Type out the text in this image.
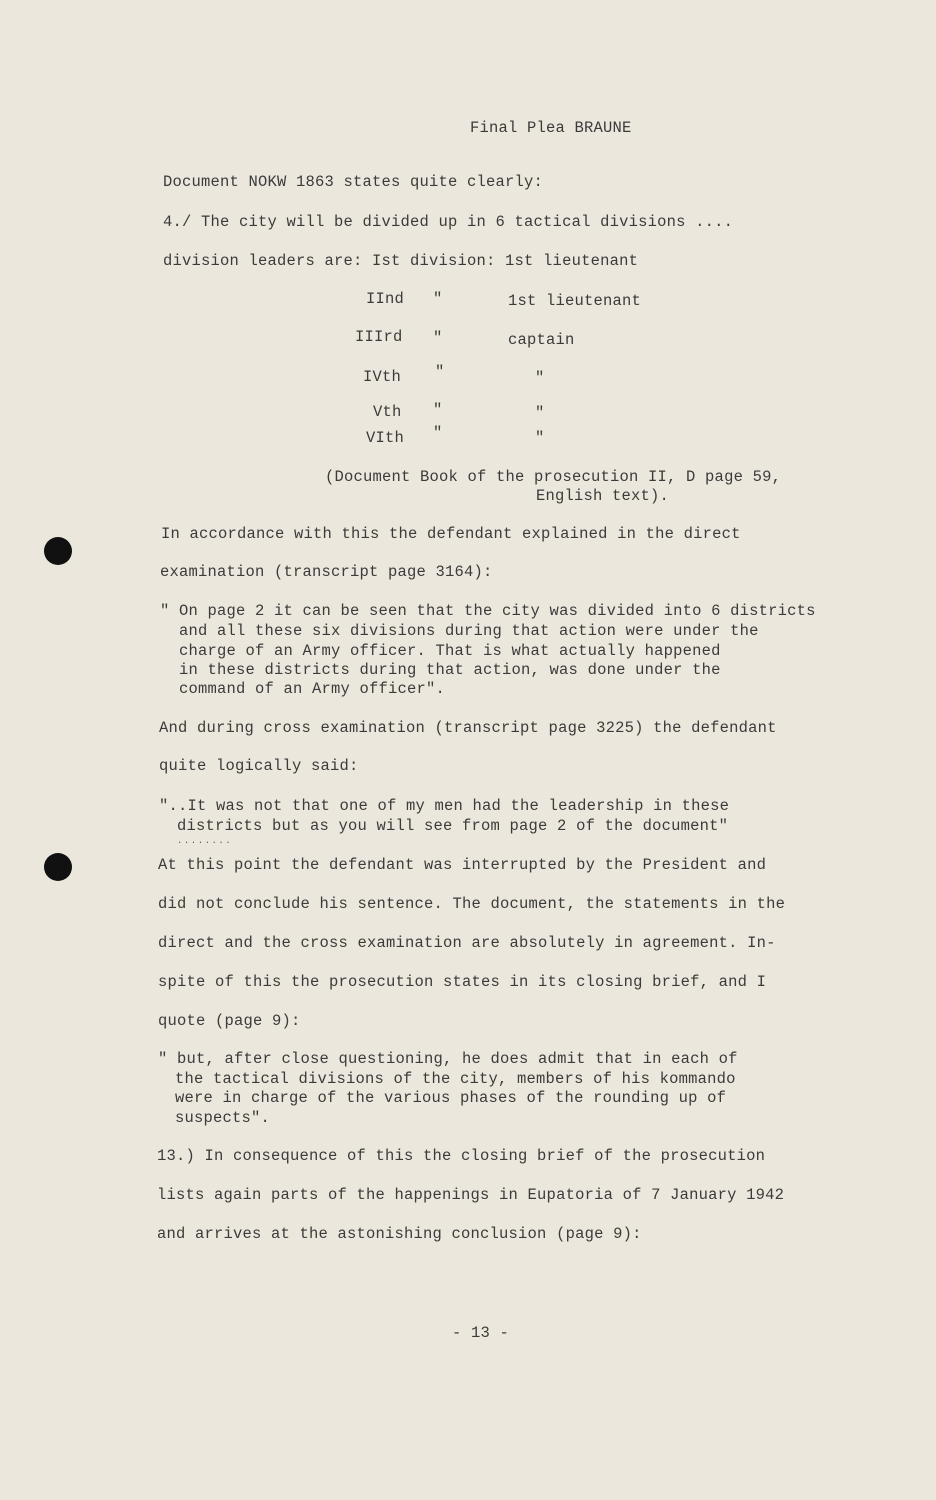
Final Plea BRAUNE

Document NOKW 1863 states quite clearly:

4./ The city will be divided up in 6 tactical divisions ....

division leaders are: Ist division: 1st lieutenant

IInd "	1st lieutenant

IIIrd "	captain

IVth "	"

Vth "	"

VIth "	"

(Document Book of the prosecution II, D page 59,

English text).

In accordance with this the defendant explained in the direct

examination (transcript page 3164):

" On page 2 it can be seen that the city was divided into 6 districts

and all these six divisions during that action were under the

charge of an Army officer. That is what actually happened

in these districts during that action, was done under the

command of an Army officer".

And during cross examination (transcript page 3225) the defendant

quite logically said:

"..It was not that one of my men had the leadership in these

districts but as you will see from page 2 of the document"

........

At this point the defendant was interrupted by the President and

did not conclude his sentence. The document, the statements in the

direct and the cross examination are absolutely in agreement. In-

spite of this the prosecution states in its closing brief, and I

quote (page 9):

" but, after close questioning, he does admit that in each of

the tactical divisions of the city, members of his kommando

were in charge of the various phases of the rounding up of

suspects".

13.) In consequence of this the closing brief of the prosecution

lists again parts of the happenings in Eupatoria of 7 January 1942

and arrives at the astonishing conclusion (page 9):

- 13 -
